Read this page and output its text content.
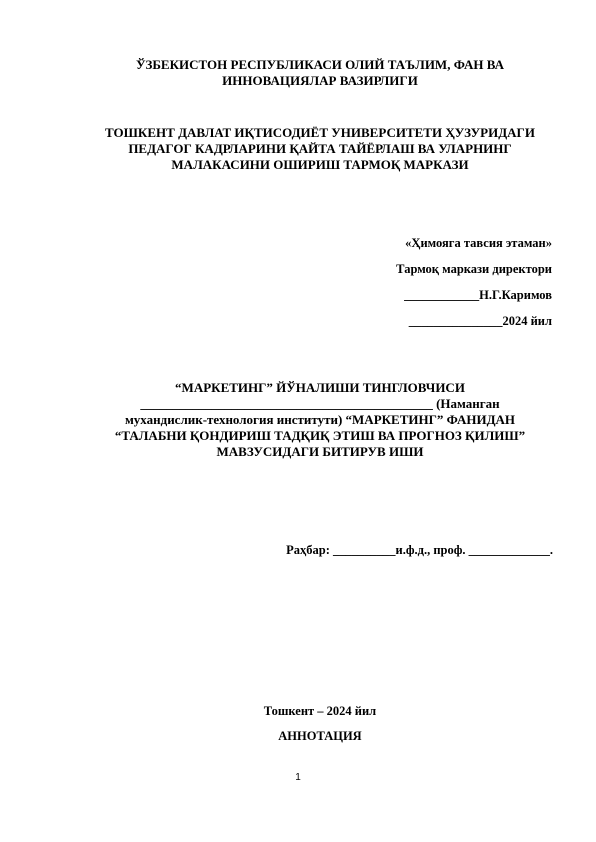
ЎЗБЕКИСТОН РЕСПУБЛИКАСИ ОЛИЙ ТАЪЛИМ, ФАН ВА
ИННОВАЦИЯЛАР ВАЗИРЛИГИ
ТОШКЕНТ ДАВЛАТ ИҚТИСОДИЁТ УНИВЕРСИТЕТИ ҲУЗУРИДАГИ
ПЕДАГОГ КАДРЛАРИНИ ҚАЙТА ТАЙЁРЛАШ ВА УЛАРНИНГ
МАЛАКАСИНИ ОШИРИШ ТАРМОҚ МАРКАЗИ
«Ҳимояга тавсия этаман»
Тармоқ маркази директори
____________Н.Г.Каримов
_______________2024 йил
“МАРКЕТИНГ” ЙЎНАЛИШИ ТИНГЛОВЧИСИ
_____________________________________________ (Наманган
мухандислик-технология институти) “МАРКЕТИНГ” ФАНИДАН
“ТАЛАБНИ ҚОНДИРИШ ТАДҚИҚ ЭТИШ ВА ПРОГНОЗ ҚИЛИШ”
МАВЗУСИДАГИ БИТИРУВ ИШИ
Раҳбар: __________и.ф.д., проф. _____________.
Тошкент – 2024 йил
АННОТАЦИЯ
1
